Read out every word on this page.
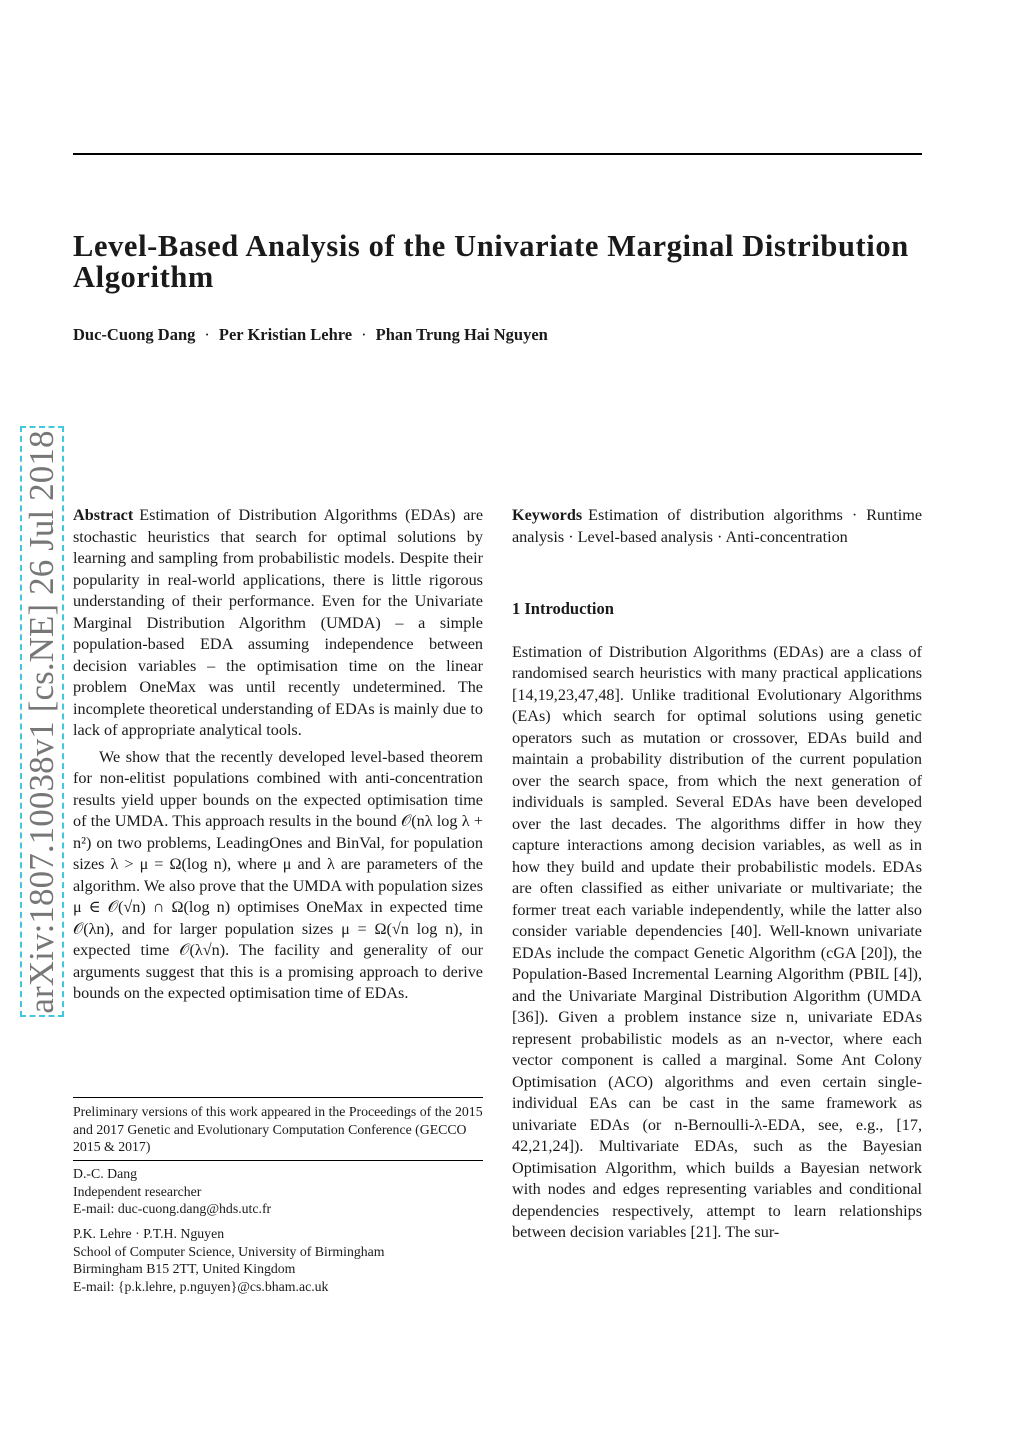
Level-Based Analysis of the Univariate Marginal Distribution Algorithm
Duc-Cuong Dang · Per Kristian Lehre · Phan Trung Hai Nguyen
arXiv:1807.10038v1 [cs.NE] 26 Jul 2018 Abstract Estimation of Distribution Algorithms (EDAs) are stochastic heuristics that search for optimal solutions by learning and sampling from probabilistic models. Despite their popularity in real-world applications, there is little rigorous understanding of their performance. Even for the Univariate Marginal Distribution Algorithm (UMDA) – a simple population-based EDA assuming independence between decision variables – the optimisation time on the linear problem OneMax was until recently undetermined. The incomplete theoretical understanding of EDAs is mainly due to lack of appropriate analytical tools.

We show that the recently developed level-based theorem for non-elitist populations combined with anti-concentration results yield upper bounds on the expected optimisation time of the UMDA. This approach results in the bound 𝒪(nλ log λ + n²) on two problems, LeadingOnes and BinVal, for population sizes λ > μ = Ω(log n), where μ and λ are parameters of the algorithm. We also prove that the UMDA with population sizes μ ∈ 𝒪(√n) ∩ Ω(log n) optimises OneMax in expected time 𝒪(λn), and for larger population sizes μ = Ω(√n log n), in expected time 𝒪(λ√n). The facility and generality of our arguments suggest that this is a promising approach to derive bounds on the expected optimisation time of EDAs.

Preliminary versions of this work appeared in the Proceedings of the 2015 and 2017 Genetic and Evolutionary Computation Conference (GECCO 2015 & 2017)
D.-C. Dang
Independent researcher
E-mail: duc-cuong.dang@hds.utc.fr
P.K. Lehre · P.T.H. Nguyen
School of Computer Science, University of Birmingham
Birmingham B15 2TT, United Kingdom
E-mail: {p.k.lehre, p.nguyen}@cs.bham.ac.uk

Keywords Estimation of distribution algorithms · Runtime analysis · Level-based analysis · Anti-concentration

1 Introduction

Estimation of Distribution Algorithms (EDAs) are a class of randomised search heuristics with many practical applications [14,19,23,47,48]. Unlike traditional Evolutionary Algorithms (EAs) which search for optimal solutions using genetic operators such as mutation or crossover, EDAs build and maintain a probability distribution of the current population over the search space, from which the next generation of individuals is sampled. Several EDAs have been developed over the last decades. The algorithms differ in how they capture interactions among decision variables, as well as in how they build and update their probabilistic models. EDAs are often classified as either univariate or multivariate; the former treat each variable independently, while the latter also consider variable dependencies [40]. Well-known univariate EDAs include the compact Genetic Algorithm (cGA [20]), the Population-Based Incremental Learning Algorithm (PBIL [4]), and the Univariate Marginal Distribution Algorithm (UMDA [36]). Given a problem instance size n, univariate EDAs represent probabilistic models as an n-vector, where each vector component is called a marginal. Some Ant Colony Optimisation (ACO) algorithms and even certain single-individual EAs can be cast in the same framework as univariate EDAs (or n-Bernoulli-λ-EDA, see, e.g., [17, 42,21,24]). Multivariate EDAs, such as the Bayesian Optimisation Algorithm, which builds a Bayesian network with nodes and edges representing variables and conditional dependencies respectively, attempt to learn relationships between decision variables [21]. The sur-
